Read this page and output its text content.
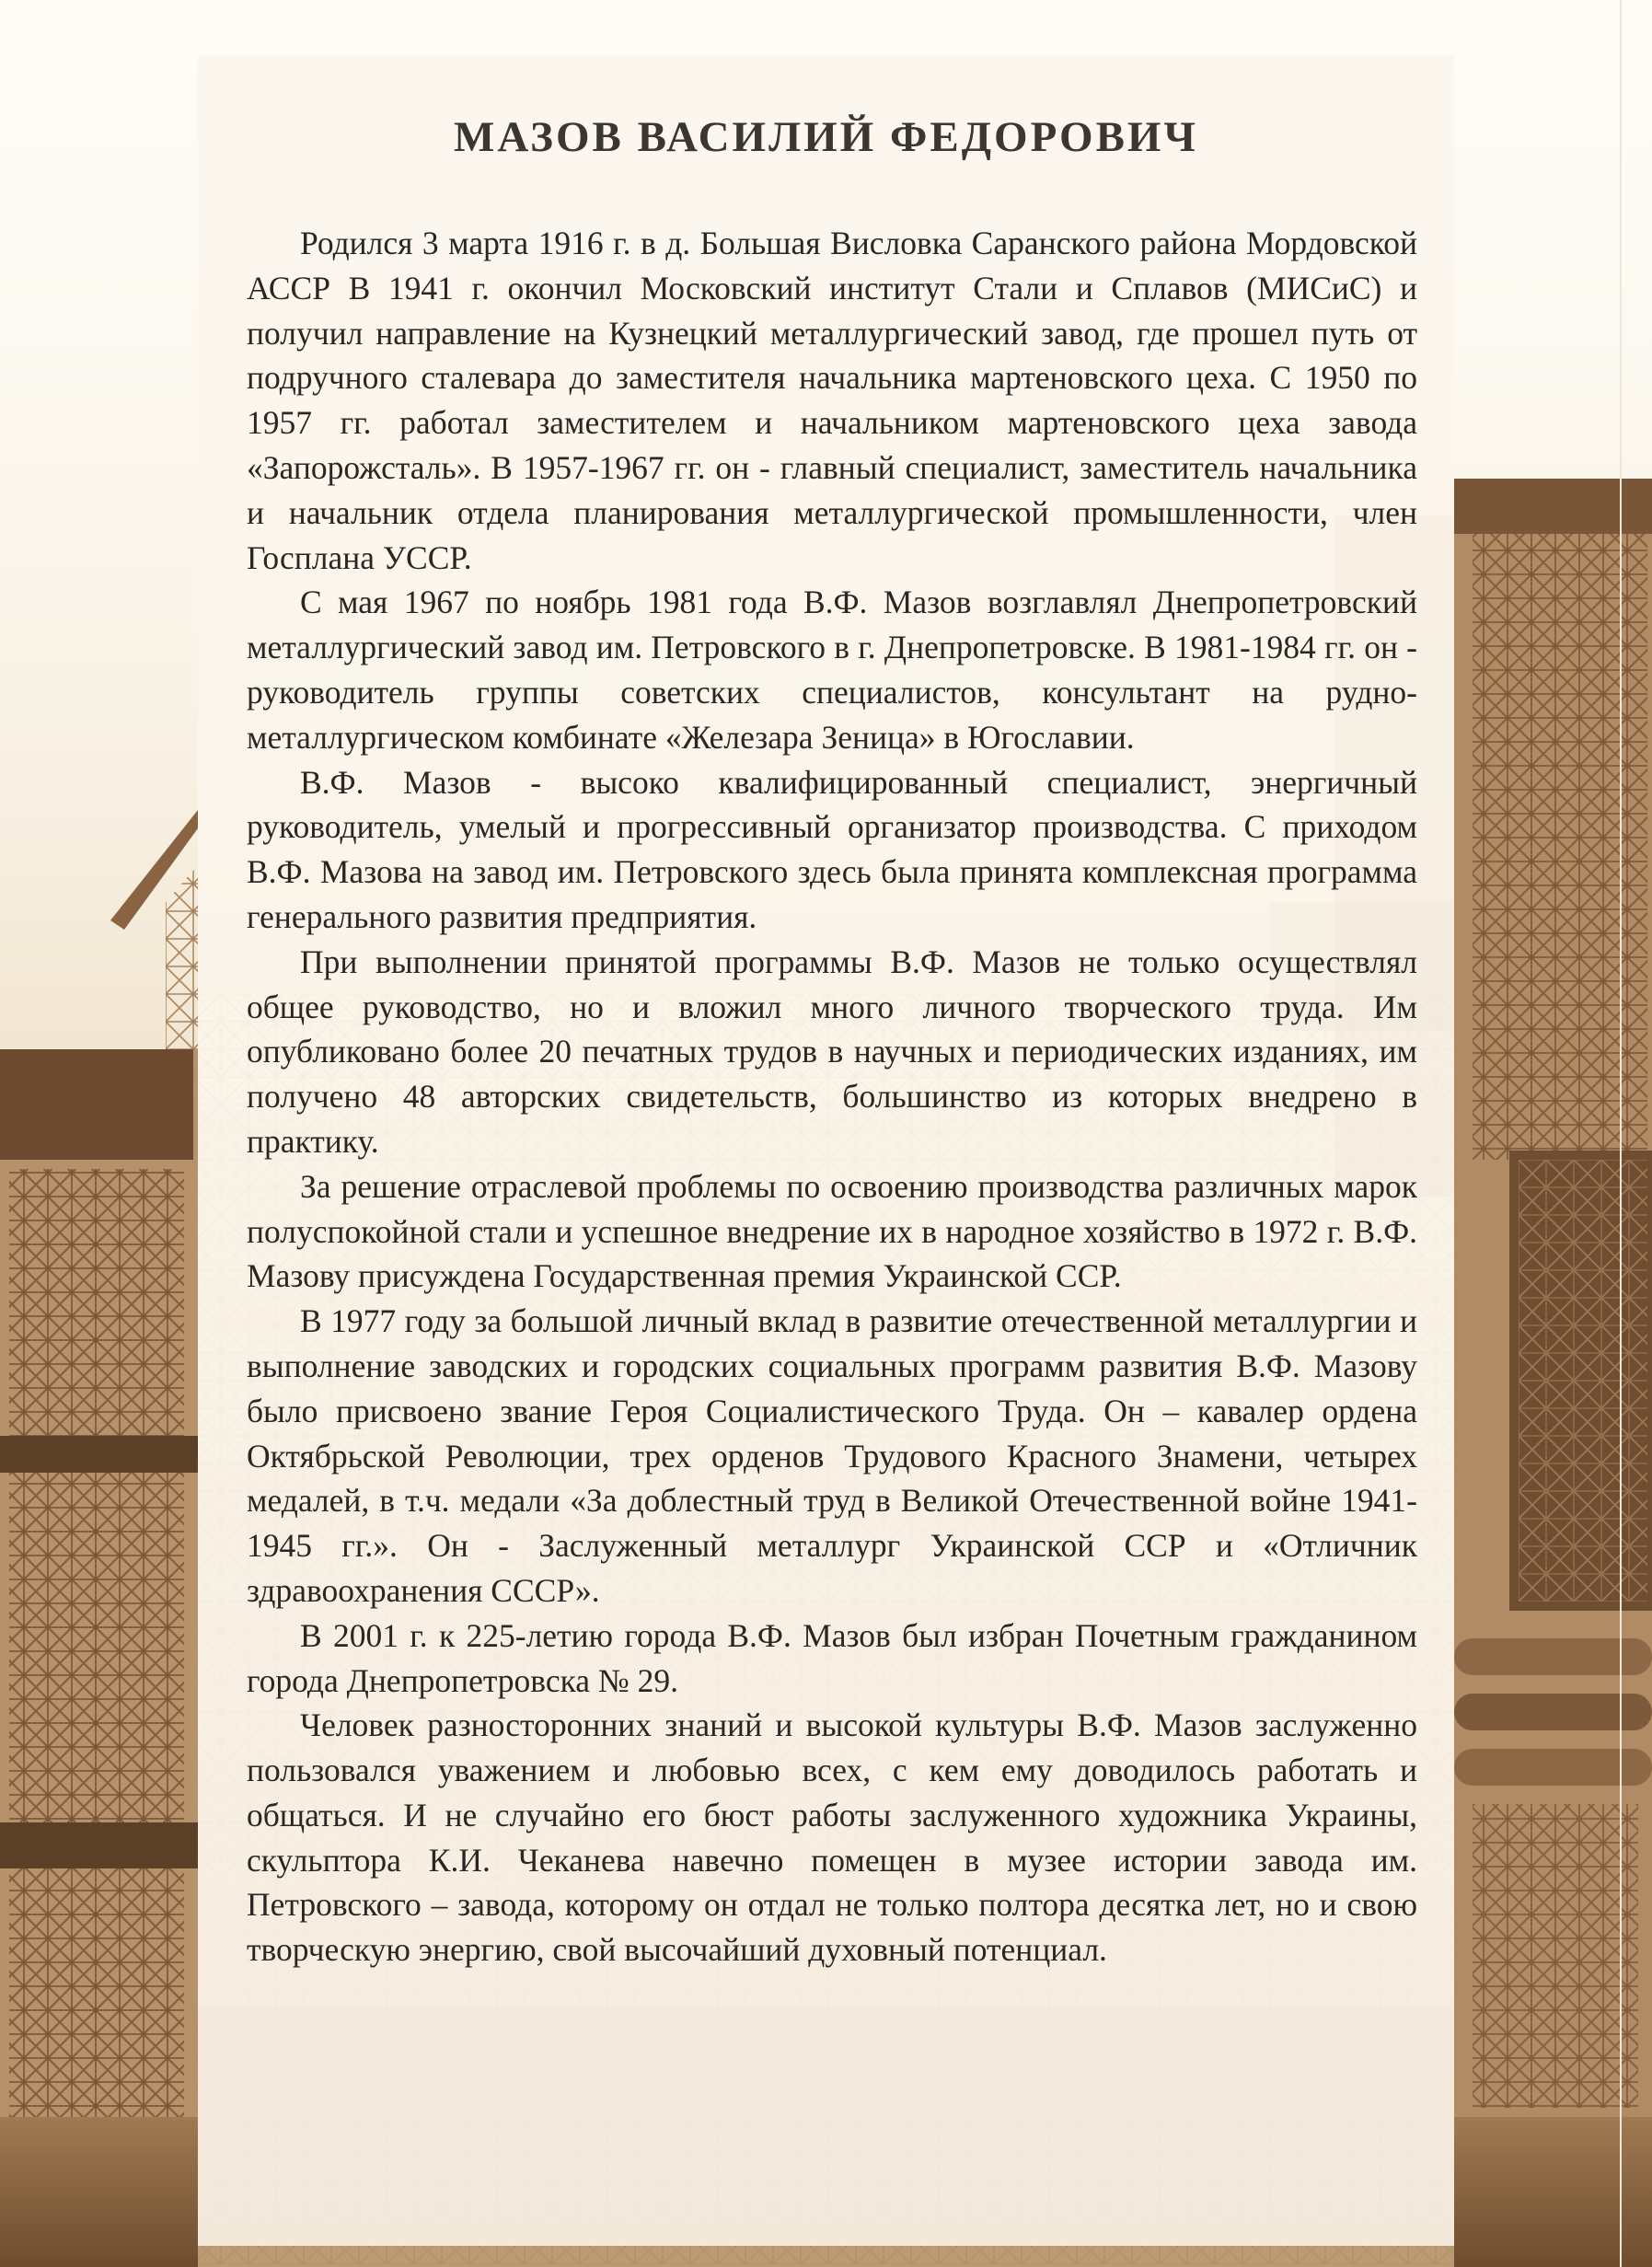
МАЗОВ ВАСИЛИЙ ФЕДОРОВИЧ

Родился 3 марта 1916 г. в д. Большая Висловка Саранского района Мордовской АССР В 1941 г. окончил Московский институт Стали и Сплавов (МИСиС) и получил направление на Кузнецкий металлургический завод, где прошел путь от подручного сталевара до заместителя начальника мартеновского цеха. С 1950 по 1957 гг. работал заместителем и начальником мартеновского цеха завода «Запорожсталь». В 1957-1967 гг. он - главный специалист, заместитель начальника и начальник отдела планирования металлургической промышленности, член Госплана УССР.

С мая 1967 по ноябрь 1981 года В.Ф. Мазов возглавлял Днепропетровский металлургический завод им. Петровского в г. Днепропетровске. В 1981-1984 гг. он - руководитель группы советских специалистов, консультант на рудно-металлургическом комбинате «Железара Зеница» в Югославии.

В.Ф. Мазов - высоко квалифицированный специалист, энергичный руководитель, умелый и прогрессивный организатор производства. С приходом В.Ф. Мазова на завод им. Петровского здесь была принята комплексная программа генерального развития предприятия.

При выполнении принятой программы В.Ф. Мазов не только осуществлял общее руководство, но и вложил много личного творческого труда. Им опубликовано более 20 печатных трудов в научных и периодических изданиях, им получено 48 авторских свидетельств, большинство из которых внедрено в практику.

За решение отраслевой проблемы по освоению производства различных марок полуспокойной стали и успешное внедрение их в народное хозяйство в 1972 г. В.Ф. Мазову присуждена Государственная премия Украинской ССР.

В 1977 году за большой личный вклад в развитие отечественной металлургии и выполнение заводских и городских социальных программ развития В.Ф. Мазову было присвоено звание Героя Социалистического Труда. Он – кавалер ордена Октябрьской Революции, трех орденов Трудового Красного Знамени, четырех медалей, в т.ч. медали «За доблестный труд в Великой Отечественной войне 1941-1945 гг.». Он - Заслуженный металлург Украинской ССР и «Отличник здравоохранения СССР».

В 2001 г. к 225-летию города В.Ф. Мазов был избран Почетным гражданином города Днепропетровска № 29.

Человек разносторонних знаний и высокой культуры В.Ф. Мазов заслуженно пользовался уважением и любовью всех, с кем ему доводилось работать и общаться. И не случайно его бюст работы заслуженного художника Украины, скульптора К.И. Чеканева навечно помещен в музее истории завода им. Петровского – завода, которому он отдал не только полтора десятка лет, но и свою творческую энергию, свой высочайший духовный потенциал.
